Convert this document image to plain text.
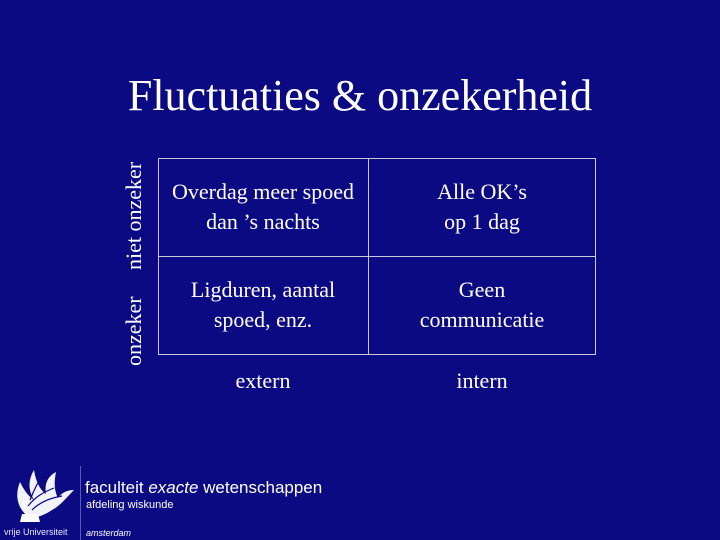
Fluctuaties & onzekerheid
niet onzeker
onzeker
Overdag meer spoed
dan ’s nachts
Alle OK’s
op 1 dag
Ligduren, aantal
spoed, enz.
Geen
communicatie
extern	intern
vrije Universiteit
faculteit exacte wetenschappen
afdeling wiskunde
amsterdam
